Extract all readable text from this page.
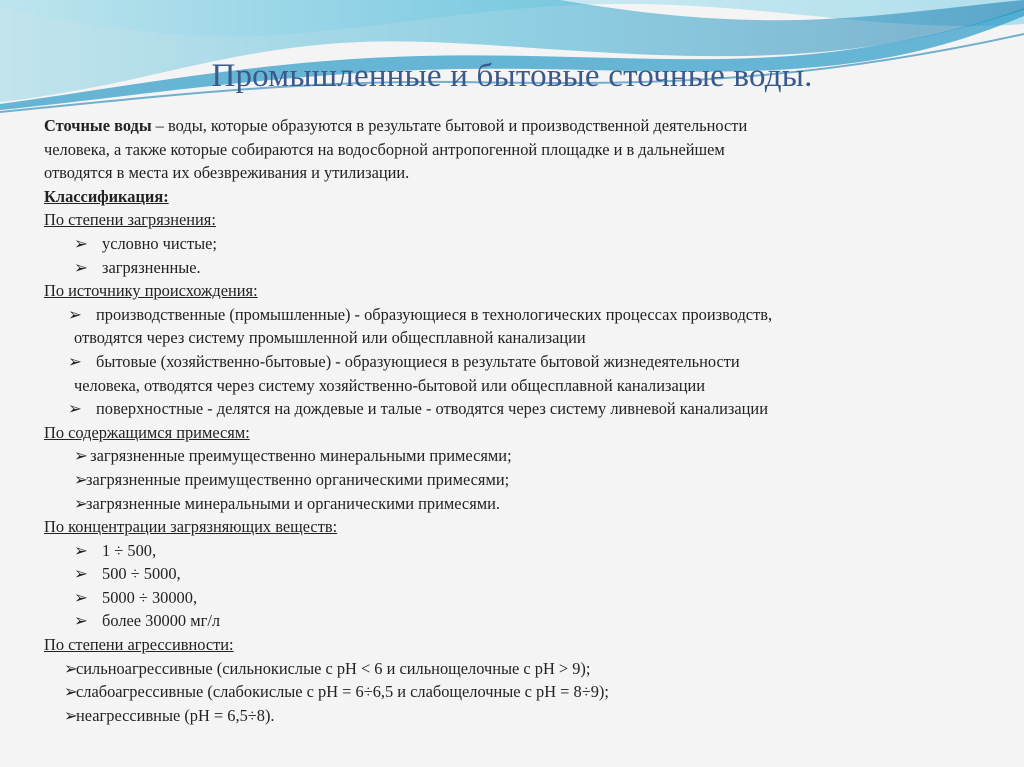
Промышленные и бытовые сточные воды.
Сточные воды – воды, которые образуются в результате бытовой и производственной деятельности
человека, а также которые собираются на водосборной антропогенной площадке и в дальнейшем
отводятся в места их обезвреживания и утилизации.
Классификация:
По степени загрязнения:
➢ условно чистые;
➢ загрязненные.
По источнику происхождения:
➢ производственные (промышленные) - образующиеся в технологических процессах производств,
отводятся через систему промышленной или общесплавной канализации
➢ бытовые (хозяйственно-бытовые) - образующиеся в результате бытовой жизнедеятельности
человека, отводятся через систему хозяйственно-бытовой или общесплавной канализации
➢ поверхностные - делятся на дождевые и талые - отводятся через систему ливневой канализации
По содержащимся примесям:
➢ загрязненные преимущественно минеральными примесями;
➢загрязненные преимущественно органическими примесями;
➢загрязненные минеральными и органическими примесями.
По концентрации загрязняющих веществ:
➢ 1 ÷ 500,
➢ 500 ÷ 5000,
➢ 5000 ÷ 30000,
➢ более 30000 мг/л
По степени агрессивности:
➢сильноагрессивные (сильнокислые с pH < 6 и сильнощелочные с pH > 9);
➢слабоагрессивные (слабокислые с pH = 6÷6,5 и слабощелочные с pH = 8÷9);
➢неагрессивные (pH = 6,5÷8).
